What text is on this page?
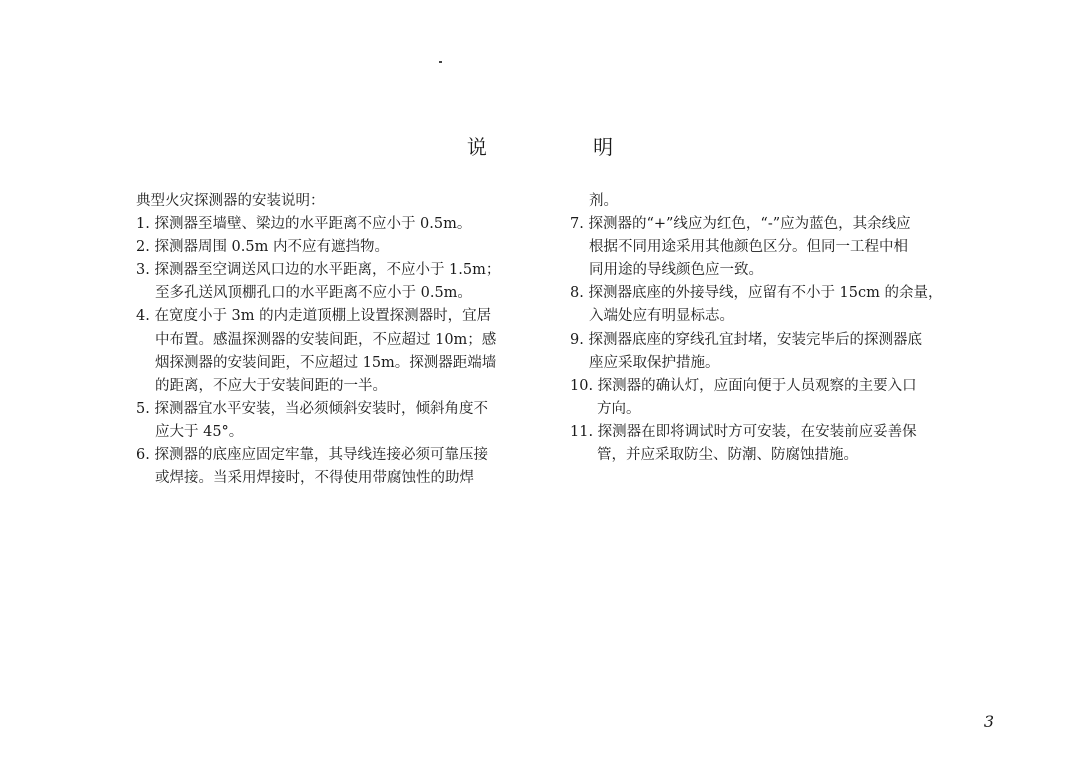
说 明
典型火灾探测器的安装说明：
1. 探测器至墙壁、梁边的水平距离不应小于 0.5m。
2. 探测器周围 0.5m 内不应有遮挡物。
3. 探测器至空调送风口边的水平距离，不应小于 1.5m；
至多孔送风顶棚孔口的水平距离不应小于 0.5m。
4. 在宽度小于 3m 的内走道顶棚上设置探测器时，宜居
中布置。感温探测器的安装间距，不应超过 10m；感
烟探测器的安装间距，不应超过 15m。探测器距端墙
的距离，不应大于安装间距的一半。
5. 探测器宜水平安装，当必须倾斜安装时，倾斜角度不
应大于 45°。
6. 探测器的底座应固定牢靠，其导线连接必须可靠压接
或焊接。当采用焊接时，不得使用带腐蚀性的助焊
剂。
7. 探测器的“+”线应为红色，“-”应为蓝色，其余线应
根据不同用途采用其他颜色区分。但同一工程中相
同用途的导线颜色应一致。
8. 探测器底座的外接导线，应留有不小于 15cm 的余量，
入端处应有明显标志。
9. 探测器底座的穿线孔宜封堵，安装完毕后的探测器底
座应采取保护措施。
10. 探测器的确认灯，应面向便于人员观察的主要入口
方向。
11. 探测器在即将调试时方可安装，在安装前应妥善保
管，并应采取防尘、防潮、防腐蚀措施。
3
